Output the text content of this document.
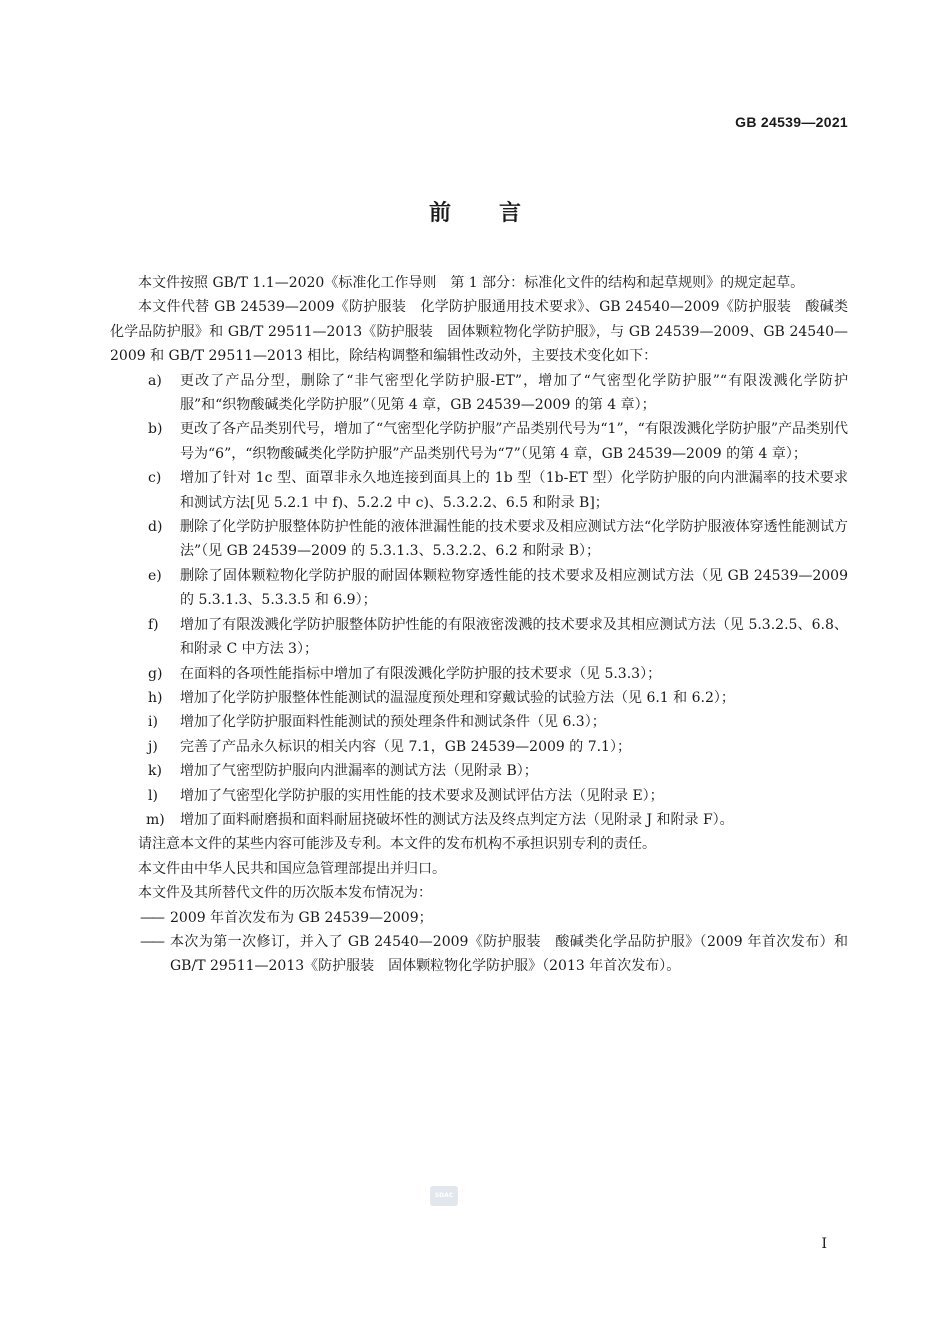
GB 24539—2021
前言

本文件按照 GB/T 1.1—2020《标准化工作导则　第 1 部分：标准化文件的结构和起草规则》的规定起草。

本文件代替 GB 24539—2009《防护服装　化学防护服通用技术要求》、GB 24540—2009《防护服装　酸碱类化学品防护服》和 GB/T 29511—2013《防护服装　固体颗粒物化学防护服》，与 GB 24539—2009、GB 24540—2009 和 GB/T 29511—2013 相比，除结构调整和编辑性改动外，主要技术变化如下：

a) 更改了产品分型，删除了“非气密型化学防护服-ET”，增加了“气密型化学防护服”“有限泼溅化学防护服”和“织物酸碱类化学防护服”（见第 4 章，GB 24539—2009 的第 4 章）；
b) 更改了各产品类别代号，增加了“气密型化学防护服”产品类别代号为“1”，“有限泼溅化学防护服”产品类别代号为“6”，“织物酸碱类化学防护服”产品类别代号为“7”（见第 4 章，GB 24539—2009 的第 4 章）；
c) 增加了针对 1c 型、面罩非永久地连接到面具上的 1b 型（1b-ET 型）化学防护服的向内泄漏率的技术要求和测试方法[见 5.2.1 中 f)、5.2.2 中 c)、5.3.2.2、6.5 和附录 B]；
d) 删除了化学防护服整体防护性能的液体泄漏性能的技术要求及相应测试方法“化学防护服液体穿透性能测试方法”（见 GB 24539—2009 的 5.3.1.3、5.3.2.2、6.2 和附录 B）；
e) 删除了固体颗粒物化学防护服的耐固体颗粒物穿透性能的技术要求及相应测试方法（见 GB 24539—2009 的 5.3.1.3、5.3.3.5 和 6.9）；
f) 增加了有限泼溅化学防护服整体防护性能的有限液密泼溅的技术要求及其相应测试方法（见 5.3.2.5、6.8、和附录 C 中方法 3）；
g) 在面料的各项性能指标中增加了有限泼溅化学防护服的技术要求（见 5.3.3）；
h) 增加了化学防护服整体性能测试的温湿度预处理和穿戴试验的试验方法（见 6.1 和 6.2）；
i) 增加了化学防护服面料性能测试的预处理条件和测试条件（见 6.3）；
j) 完善了产品永久标识的相关内容（见 7.1，GB 24539—2009 的 7.1）；
k) 增加了气密型防护服向内泄漏率的测试方法（见附录 B）；
l) 增加了气密型化学防护服的实用性能的技术要求及测试评估方法（见附录 E）；
m) 增加了面料耐磨损和面料耐屈挠破坏性的测试方法及终点判定方法（见附录 J 和附录 F）。

请注意本文件的某些内容可能涉及专利。本文件的发布机构不承担识别专利的责任。

本文件由中华人民共和国应急管理部提出并归口。

本文件及其所替代文件的历次版本发布情况为：

—— 2009 年首次发布为 GB 24539—2009；
—— 本次为第一次修订，并入了 GB 24540—2009《防护服装　酸碱类化学品防护服》（2009 年首次发布）和 GB/T 29511—2013《防护服装　固体颗粒物化学防护服》（2013 年首次发布）。
SDAC
I
